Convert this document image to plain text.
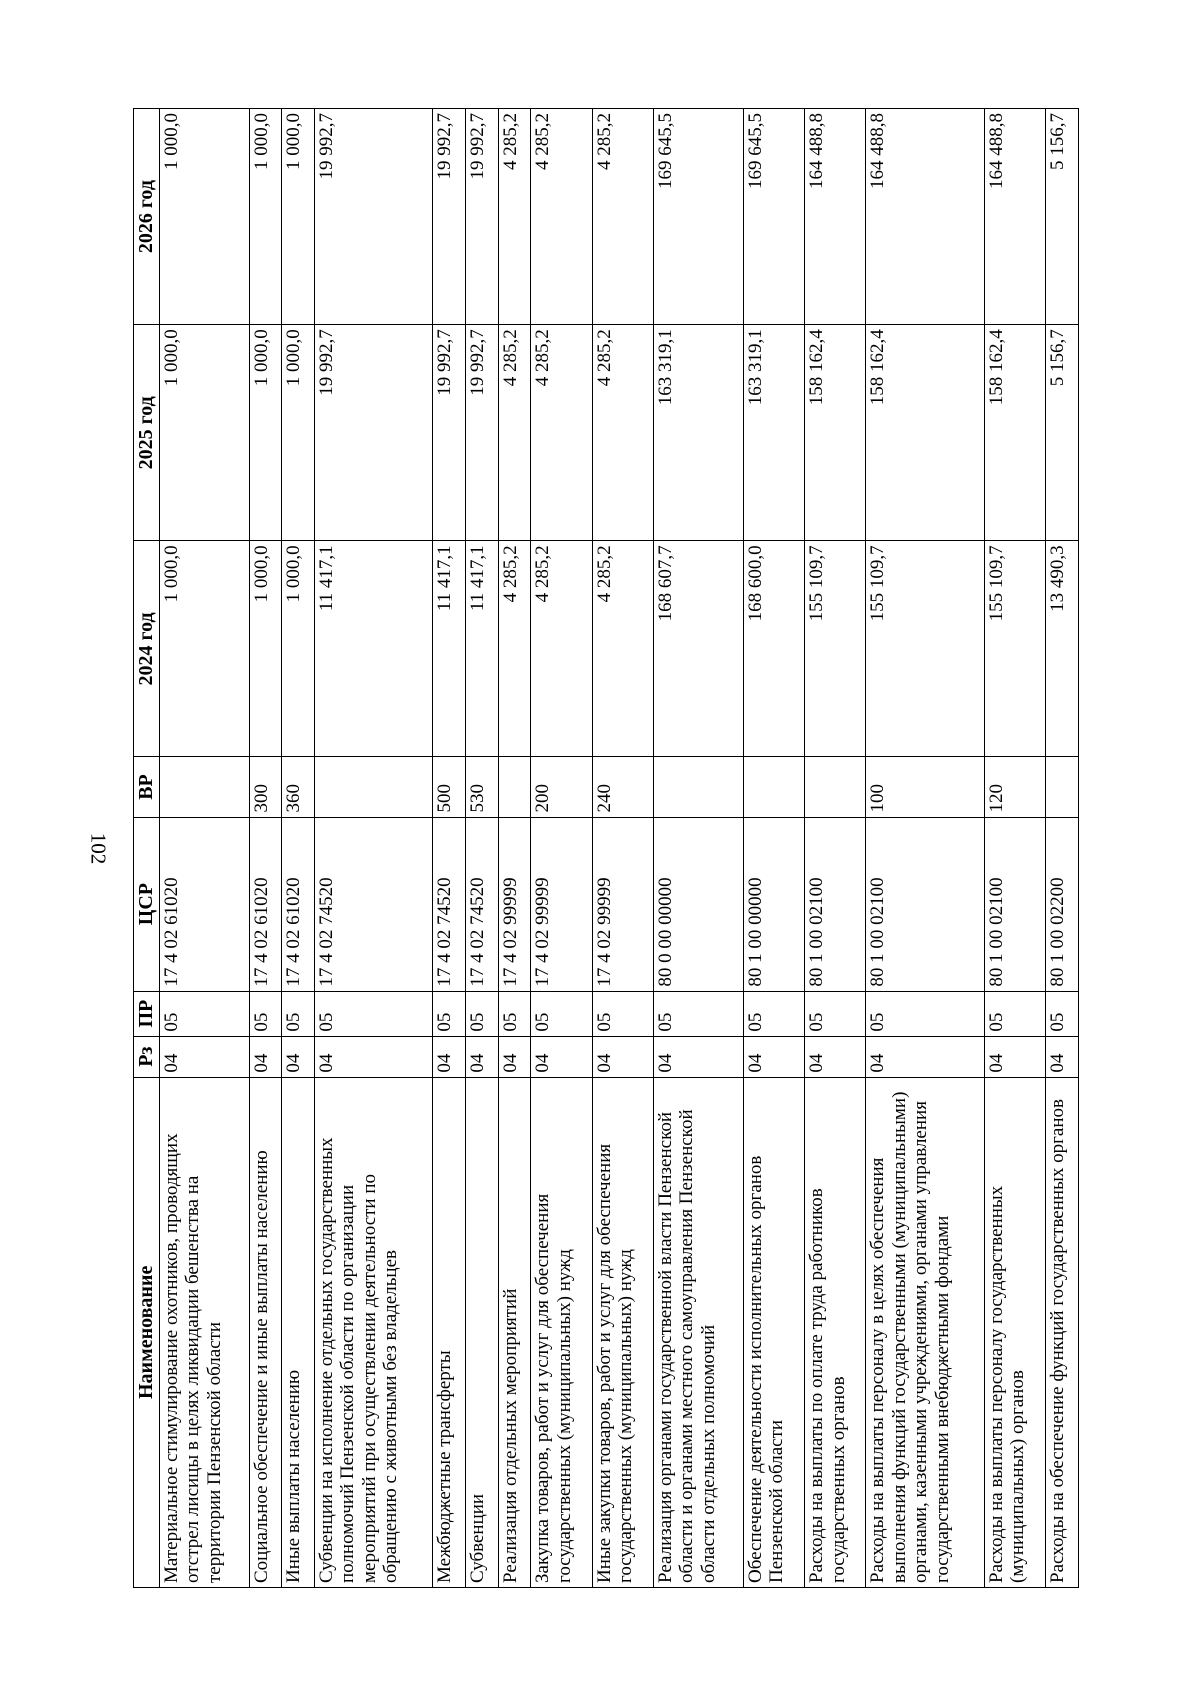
102
Наименование	Рз	ПР	ЦСР	ВР	2024 год	2025 год	2026 год
Материальное стимулирование охотников, проводящих отстрел лисицы в целях ликвидации бешенства на территории Пензенской области	04	05	17 4 02 61020		1 000,0	1 000,0	1 000,0
Социальное обеспечение и иные выплаты населению	04	05	17 4 02 61020	300	1 000,0	1 000,0	1 000,0
Иные выплаты населению	04	05	17 4 02 61020	360	1 000,0	1 000,0	1 000,0
Субвенции на исполнение отдельных государственных полномочий Пензенской области по организации мероприятий при осуществлении деятельности по обращению с животными без владельцев	04	05	17 4 02 74520		11 417,1	19 992,7	19 992,7
Межбюджетные трансферты	04	05	17 4 02 74520	500	11 417,1	19 992,7	19 992,7
Субвенции	04	05	17 4 02 74520	530	11 417,1	19 992,7	19 992,7
Реализация отдельных мероприятий	04	05	17 4 02 99999		4 285,2	4 285,2	4 285,2
Закупка товаров, работ и услуг для обеспечения государственных (муниципальных) нужд	04	05	17 4 02 99999	200	4 285,2	4 285,2	4 285,2
Иные закупки товаров, работ и услуг для обеспечения государственных (муниципальных) нужд	04	05	17 4 02 99999	240	4 285,2	4 285,2	4 285,2
Реализация органами государственной власти Пензенской области и органами местного самоуправления Пензенской области отдельных полномочий	04	05	80 0 00 00000		168 607,7	163 319,1	169 645,5
Обеспечение деятельности исполнительных органов Пензенской области	04	05	80 1 00 00000		168 600,0	163 319,1	169 645,5
Расходы на выплаты по оплате труда работников государственных органов	04	05	80 1 00 02100		155 109,7	158 162,4	164 488,8
Расходы на выплаты персоналу в целях обеспечения выполнения функций государственными (муниципальными) органами, казенными учреждениями, органами управления государственными внебюджетными фондами	04	05	80 1 00 02100	100	155 109,7	158 162,4	164 488,8
Расходы на выплаты персоналу государственных (муниципальных) органов	04	05	80 1 00 02100	120	155 109,7	158 162,4	164 488,8
Расходы на обеспечение функций государственных органов	04	05	80 1 00 02200		13 490,3	5 156,7	5 156,7
